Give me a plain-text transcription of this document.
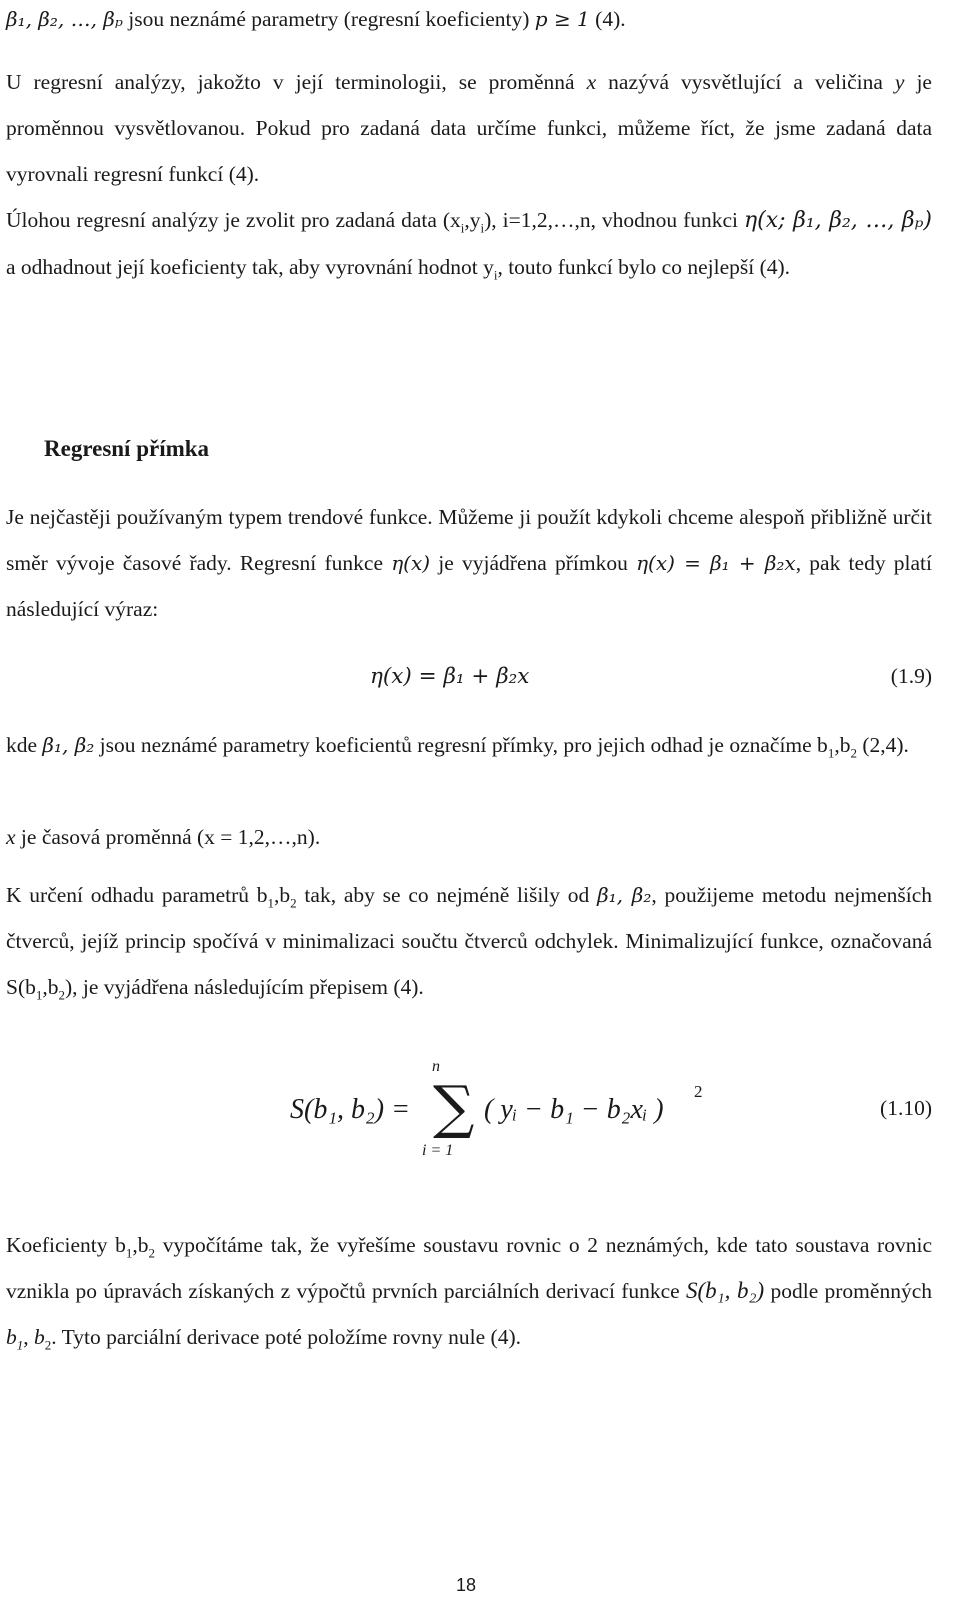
β₁, β₂, …, βₚ jsou neznámé parametry (regresní koeficienty) p ≥ 1 (4).
U regresní analýzy, jakožto v její terminologii, se proměnná x nazývá vysvětlující a veličina y je proměnnou vysvětlovanou. Pokud pro zadaná data určíme funkci, můžeme říct, že jsme zadaná data vyrovnali regresní funkcí (4).
Úlohou regresní analýzy je zvolit pro zadaná data $(x_i,y_i)$, i=1,2,…,n, vhodnou funkci η(x; β₁, β₂, …, βₚ) a odhadnout její koeficienty tak, aby vyrovnání hodnot $y_i$, touto funkcí bylo co nejlepší (4).
Regresní přímka
Je nejčastěji používaným typem trendové funkce. Můžeme ji použít kdykoli chceme alespoň přibližně určit směr vývoje časové řady. Regresní funkce η(x) je vyjádřena přímkou η(x) = β₁ + β₂x, pak tedy platí následující výraz:
η(x) = β₁ + β₂x	(1.9)
kde β₁, β₂ jsou neznámé parametry koeficientů regresní přímky, pro jejich odhad je označíme $b_1,b_2$ (2,4).
x je časová proměnná (x = 1,2,…,n).
K určení odhadu parametrů $b_1,b_2$ tak, aby se co nejméně lišily od β₁, β₂, použijeme metodu nejmenších čtverců, jejíž princip spočívá v minimalizaci součtu čtverců odchylek. Minimalizující funkce, označovaná $S(b_1,b_2)$, je vyjádřena následujícím přepisem (4).
S(b₁, b₂) =
n
∑
i = 1
( yᵢ − b₁ − b₂xᵢ )
2
(1.10)
Koeficienty $b_1,b_2$ vypočítáme tak, že vyřešíme soustavu rovnic o 2 neznámých, kde tato soustava rovnic vznikla po úpravách získaných z výpočtů prvních parciálních derivací funkce S(b₁, b₂) podle proměnných $b_1$, $b_2$. Tyto parciální derivace poté položíme rovny nule (4).
18
